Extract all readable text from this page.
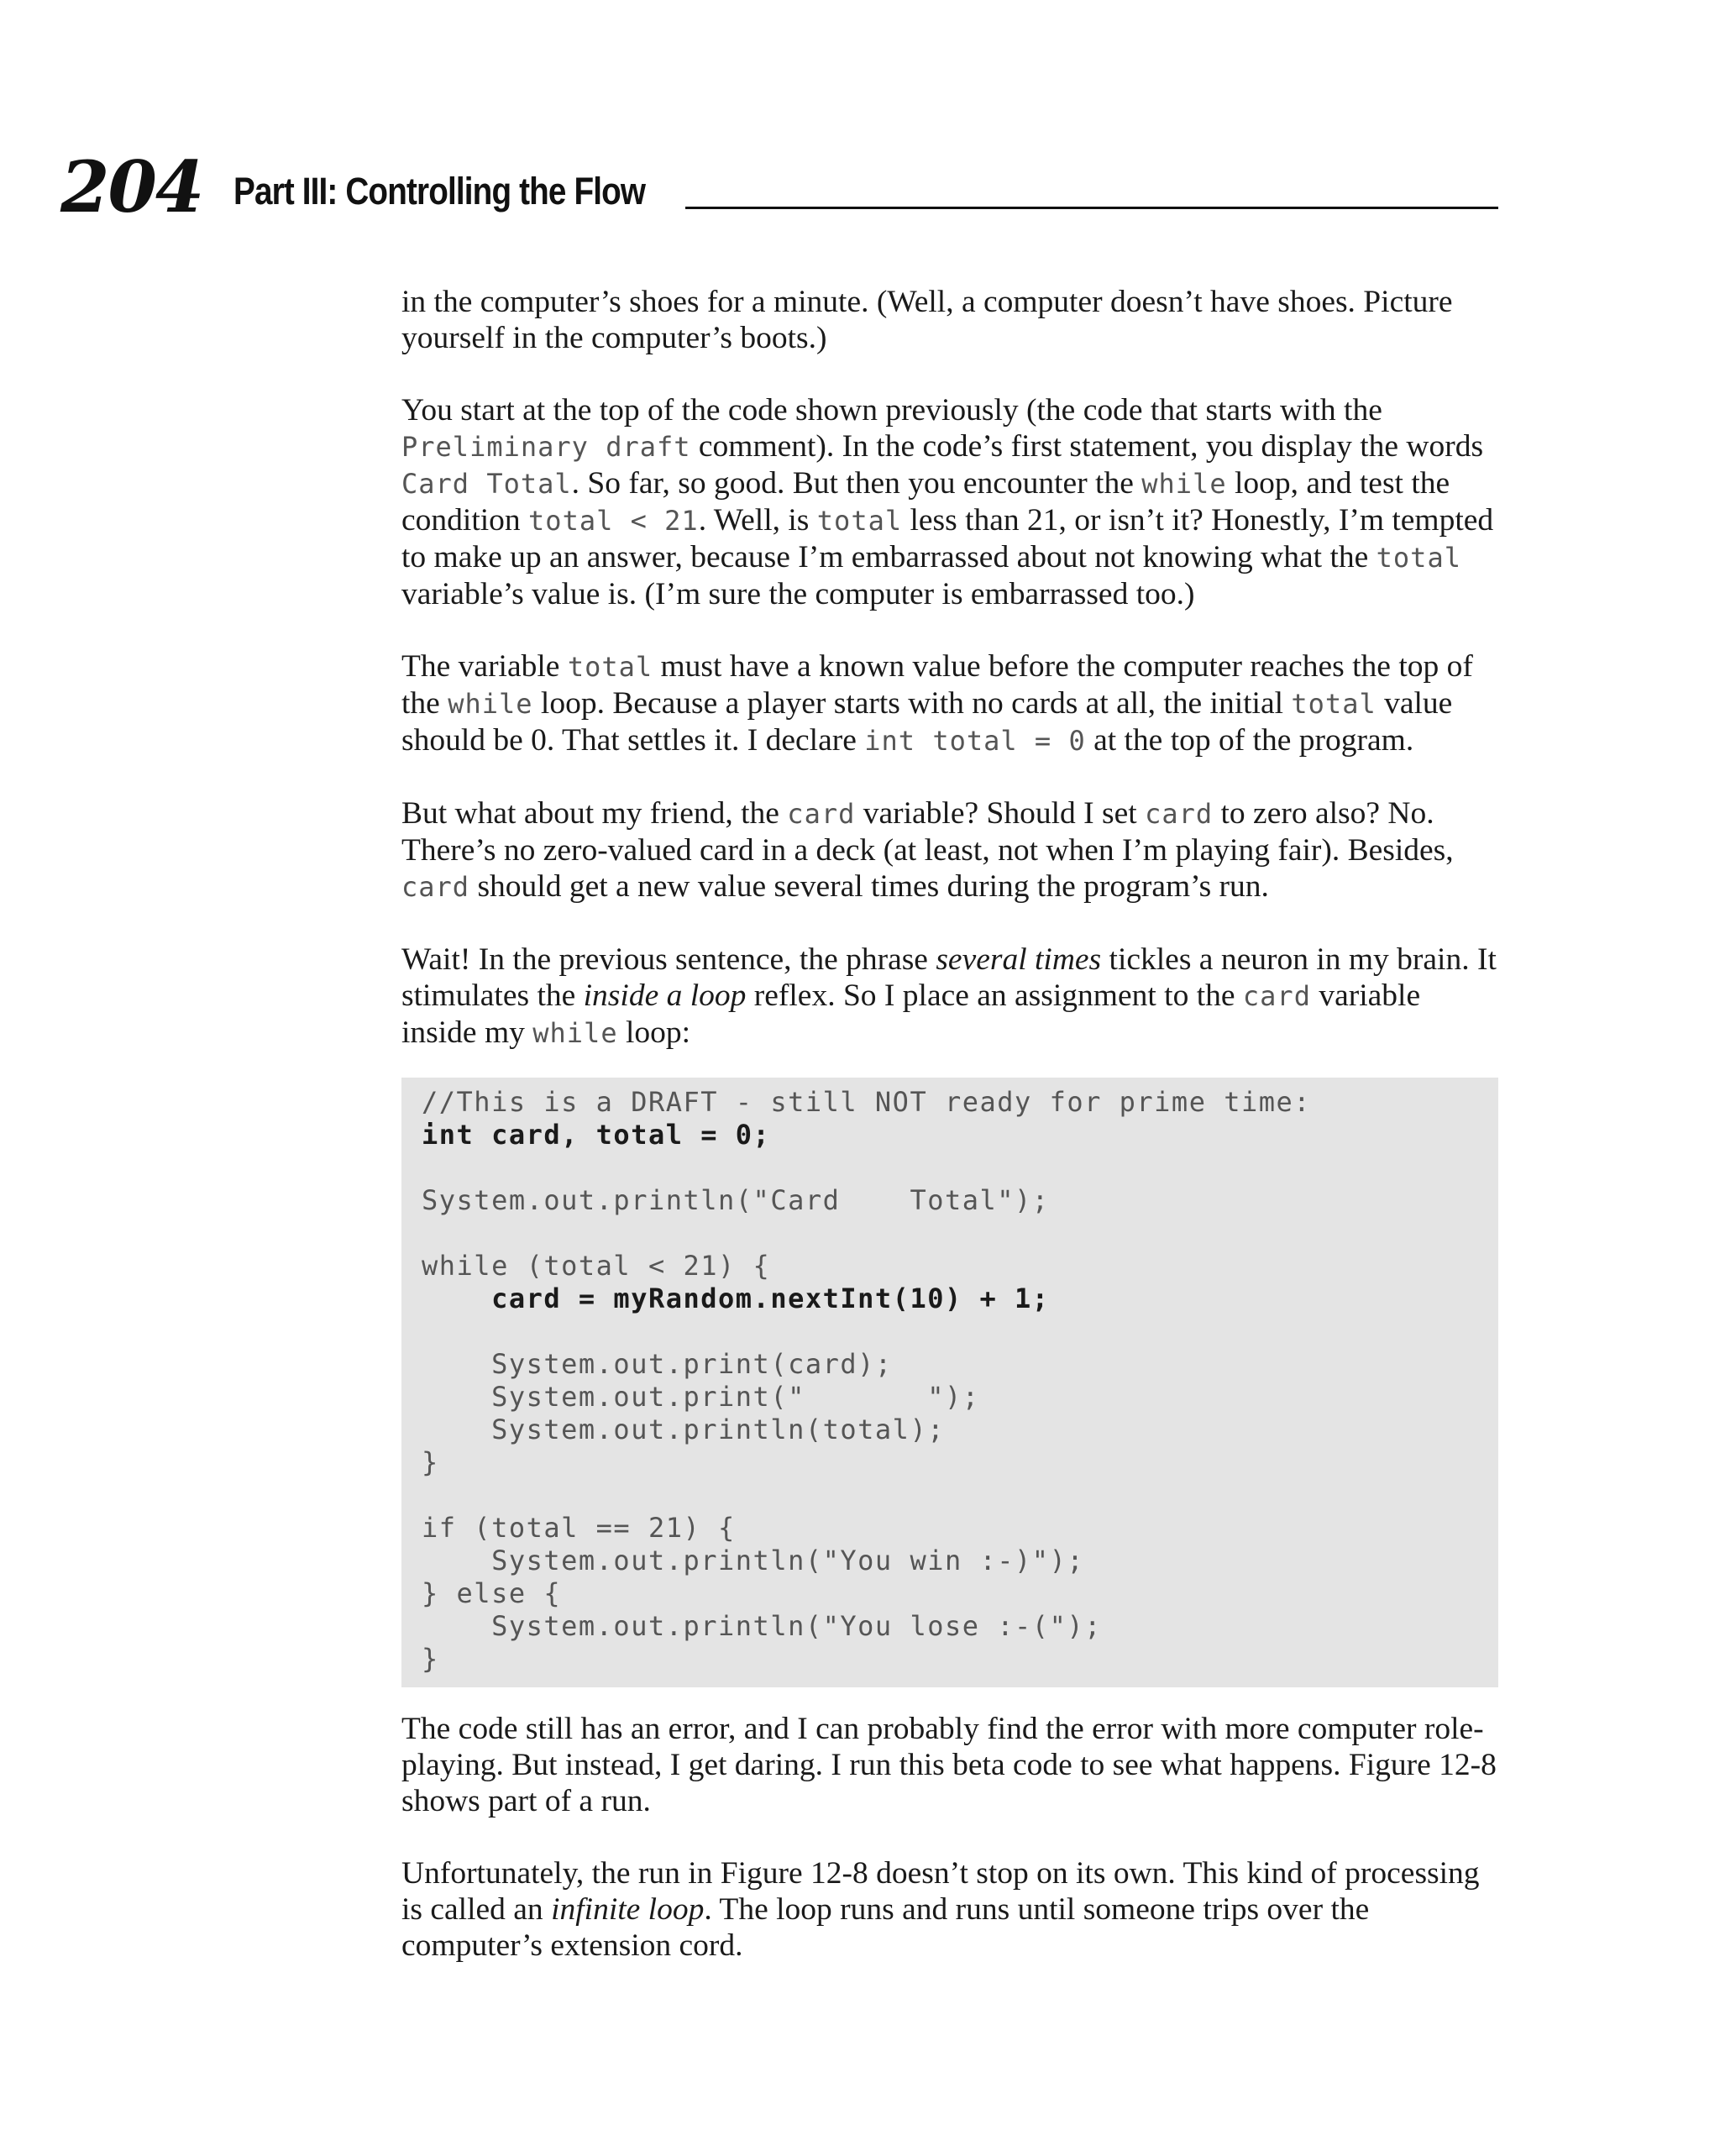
204 Part III: Controlling the Flow

in the computer’s shoes for a minute. (Well, a computer doesn’t have shoes. Picture yourself in the computer’s boots.)

You start at the top of the code shown previously (the code that starts with the Preliminary draft comment). In the code’s first statement, you display the words Card Total. So far, so good. But then you encounter the while loop, and test the condition total < 21. Well, is total less than 21, or isn’t it? Honestly, I’m tempted to make up an answer, because I’m embarrassed about not knowing what the total variable’s value is. (I’m sure the computer is embarrassed too.)

The variable total must have a known value before the computer reaches the top of the while loop. Because a player starts with no cards at all, the initial total value should be 0. That settles it. I declare int total = 0 at the top of the program.

But what about my friend, the card variable? Should I set card to zero also? No. There’s no zero-valued card in a deck (at least, not when I’m playing fair). Besides, card should get a new value several times during the program’s run.

Wait! In the previous sentence, the phrase several times tickles a neuron in my brain. It stimulates the inside a loop reflex. So I place an assignment to the card variable inside my while loop:

//This is a DRAFT - still NOT ready for prime time:
int card, total = 0;
System.out.println("Card    Total");
while (total < 21) {
card = myRandom.nextInt(10) + 1;
System.out.print(card);
System.out.print("       ");
System.out.println(total);
}
if (total == 21) {
System.out.println("You win :-)");
} else {
System.out.println("You lose :-(");
}

The code still has an error, and I can probably find the error with more computer role-playing. But instead, I get daring. I run this beta code to see what happens. Figure 12-8 shows part of a run.

Unfortunately, the run in Figure 12-8 doesn’t stop on its own. This kind of processing is called an infinite loop. The loop runs and runs until someone trips over the computer’s extension cord.
